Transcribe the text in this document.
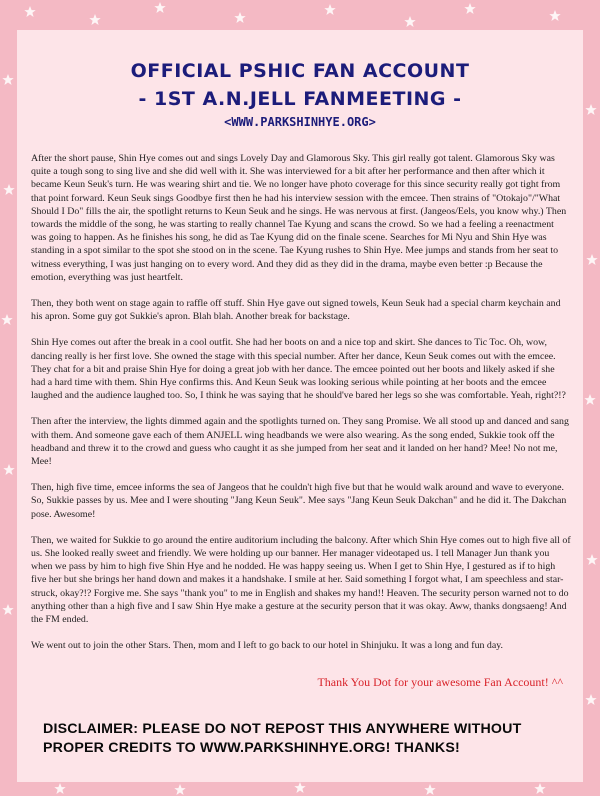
OFFICIAL PSHIC FAN ACCOUNT
- 1ST A.N.JELL FANMEETING -
<WWW.PARKSHINHYE.ORG>

After the short pause, Shin Hye comes out and sings Lovely Day and Glamorous Sky. This girl really got talent. Glamorous Sky was quite a tough song to sing live and she did well with it. She was interviewed for a bit after her performance and then after which it became Keun Seuk's turn. He was wearing shirt and tie. We no longer have photo coverage for this since security really got tight from that point forward. Keun Seuk sings Goodbye first then he had his interview session with the emcee. Then strains of "Otokajo"/"What Should I Do" fills the air, the spotlight returns to Keun Seuk and he sings. He was nervous at first. (Jangeos/Eels, you know why.) Then towards the middle of the song, he was starting to really channel Tae Kyung and scans the crowd. So we had a feeling a reenactment was going to happen. As he finishes his song, he did as Tae Kyung did on the finale scene. Searches for Mi Nyu and Shin Hye was standing in a spot similar to the spot she stood on in the scene. Tae Kyung rushes to Shin Hye. Mee jumps and stands from her seat to witness everything, I was just hanging on to every word. And they did as they did in the drama, maybe even better :p Because the emotion, everything was just heartfelt.

Then, they both went on stage again to raffle off stuff. Shin Hye gave out signed towels, Keun Seuk had a special charm keychain and his apron. Some guy got Sukkie's apron. Blah blah. Another break for backstage.

Shin Hye comes out after the break in a cool outfit. She had her boots on and a nice top and skirt. She dances to Tic Toc. Oh, wow, dancing really is her first love. She owned the stage with this special number. After her dance, Keun Seuk comes out with the emcee. They chat for a bit and praise Shin Hye for doing a great job with her dance. The emcee pointed out her boots and likely asked if she had a hard time with them. Shin Hye confirms this. And Keun Seuk was looking serious while pointing at her boots and the emcee laughed and the audience laughed too. So, I think he was saying that he should've bared her legs so she was comfortable. Yeah, right?!?

Then after the interview, the lights dimmed again and the spotlights turned on. They sang Promise. We all stood up and danced and sang with them. And someone gave each of them ANJELL wing headbands we were also wearing. As the song ended, Sukkie took off the headband and threw it to the crowd and guess who caught it as she jumped from her seat and it landed on her hand? Mee! No not me, Mee!

Then, high five time, emcee informs the sea of Jangeos that he couldn't high five but that he would walk around and wave to everyone. So, Sukkie passes by us. Mee and I were shouting "Jang Keun Seuk". Mee says "Jang Keun Seuk Dakchan" and he did it. The Dakchan pose. Awesome!

Then, we waited for Sukkie to go around the entire auditorium including the balcony. After which Shin Hye comes out to high five all of us. She looked really sweet and friendly. We were holding up our banner. Her manager videotaped us. I tell Manager Jun thank you when we pass by him to high five Shin Hye and he nodded. He was happy seeing us. When I get to Shin Hye, I gestured as if to high five her but she brings her hand down and makes it a handshake. I smile at her. Said something I forgot what, I am speechless and star-struck, okay?!? Forgive me. She says "thank you" to me in English and shakes my hand!! Heaven. The security person warned not to do anything other than a high five and I saw Shin Hye make a gesture at the security person that it was okay. Aww, thanks dongsaeng! And the FM ended.

We went out to join the other Stars. Then, mom and I left to go back to our hotel in Shinjuku. It was a long and fun day.

Thank You Dot for your awesome Fan Account! ^^
DISCLAIMER: PLEASE DO NOT REPOST THIS ANYWHERE WITHOUT PROPER CREDITS TO WWW.PARKSHINHYE.ORG! THANKS!
